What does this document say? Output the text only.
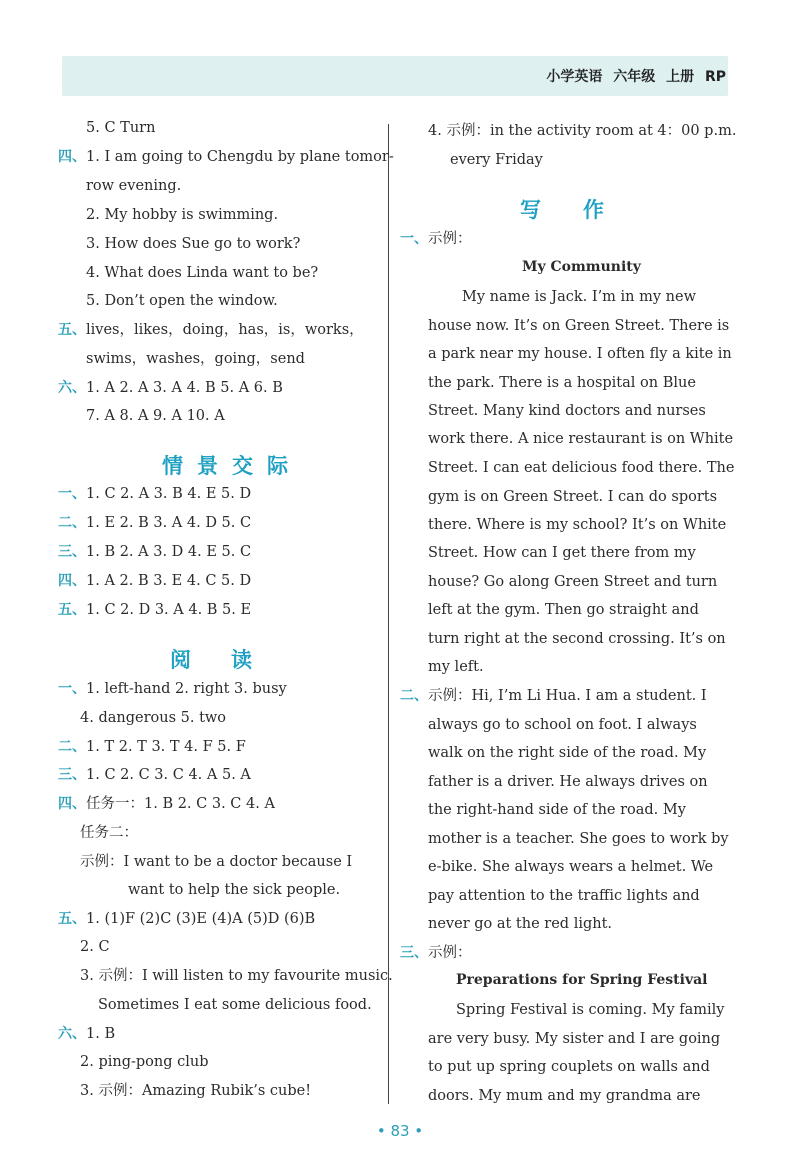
小学英语 六年级 上册 RP
5. C Turn
四、1. I am going to Chengdu by plane tomor-
row evening.
2. My hobby is swimming.
3. How does Sue go to work?
4. What does Linda want to be?
5. Don’t open the window.
五、lives，likes，doing，has，is，works，
swims，washes，going，send
六、1. A 2. A 3. A 4. B 5. A 6. B
7. A 8. A 9. A 10. A
情景交际
一、1. C 2. A 3. B 4. E 5. D
二、1. E 2. B 3. A 4. D 5. C
三、1. B 2. A 3. D 4. E 5. C
四、1. A 2. B 3. E 4. C 5. D
五、1. C 2. D 3. A 4. B 5. E
阅读
一、1. left-hand 2. right 3. busy
4. dangerous 5. two
二、1. T 2. T 3. T 4. F 5. F
三、1. C 2. C 3. C 4. A 5. A
四、任务一：1. B 2. C 3. C 4. A
任务二：
示例：I want to be a doctor because I
want to help the sick people.
五、1. (1)F (2)C (3)E (4)A (5)D (6)B
2. C
3. 示例：I will listen to my favourite music.
Sometimes I eat some delicious food.
六、1. B
2. ping-pong club
3. 示例：Amazing Rubik’s cube!
4. 示例：in the activity room at 4：00 p.m.
every Friday
写作
一、示例：
My Community
My name is Jack. I’m in my new
house now. It’s on Green Street. There is
a park near my house. I often fly a kite in
the park. There is a hospital on Blue
Street. Many kind doctors and nurses
work there. A nice restaurant is on White
Street. I can eat delicious food there. The
gym is on Green Street. I can do sports
there. Where is my school? It’s on White
Street. How can I get there from my
house? Go along Green Street and turn
left at the gym. Then go straight and
turn right at the second crossing. It’s on
my left.
二、示例：Hi, I’m Li Hua. I am a student. I
always go to school on foot. I always
walk on the right side of the road. My
father is a driver. He always drives on
the right-hand side of the road. My
mother is a teacher. She goes to work by
e-bike. She always wears a helmet. We
pay attention to the traffic lights and
never go at the red light.
三、示例：
Preparations for Spring Festival
Spring Festival is coming. My family
are very busy. My sister and I are going
to put up spring couplets on walls and
doors. My mum and my grandma are
• 83 •
